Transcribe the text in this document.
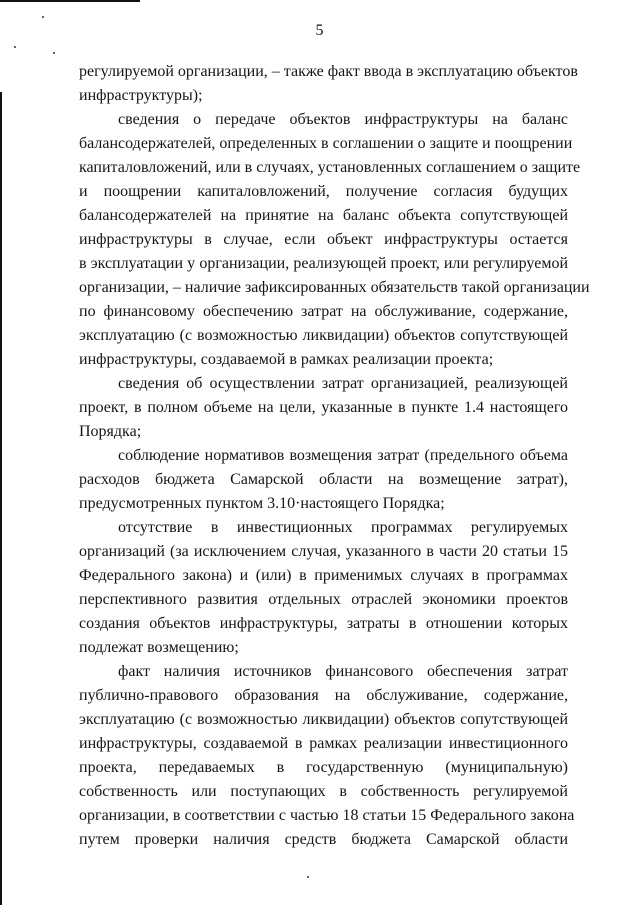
5
регулируемой организации, – также факт ввода в эксплуатацию объектов
инфраструктуры);
сведения о передаче объектов инфраструктуры на баланс
балансодержателей, определенных в соглашении о защите и поощрении
капиталовложений, или в случаях, установленных соглашением о защите
и поощрении капиталовложений, получение согласия будущих
балансодержателей на принятие на баланс объекта сопутствующей
инфраструктуры в случае, если объект инфраструктуры остается
в эксплуатации у организации, реализующей проект, или регулируемой
организации, – наличие зафиксированных обязательств такой организации
по финансовому обеспечению затрат на обслуживание, содержание,
эксплуатацию (с возможностью ликвидации) объектов сопутствующей
инфраструктуры, создаваемой в рамках реализации проекта;
сведения об осуществлении затрат организацией, реализующей
проект, в полном объеме на цели, указанные в пункте 1.4 настоящего
Порядка;
соблюдение нормативов возмещения затрат (предельного объема
расходов бюджета Самарской области на возмещение затрат),
предусмотренных пунктом 3.10·настоящего Порядка;
отсутствие в инвестиционных программах регулируемых
организаций (за исключением случая, указанного в части 20 статьи 15
Федерального закона) и (или) в применимых случаях в программах
перспективного развития отдельных отраслей экономики проектов
создания объектов инфраструктуры, затраты в отношении которых
подлежат возмещению;
факт наличия источников финансового обеспечения затрат
публично-правового образования на обслуживание, содержание,
эксплуатацию (с возможностью ликвидации) объектов сопутствующей
инфраструктуры, создаваемой в рамках реализации инвестиционного
проекта, передаваемых в государственную (муниципальную)
собственность или поступающих в собственность регулируемой
организации, в соответствии с частью 18 статьи 15 Федерального закона
путем проверки наличия средств бюджета Самарской области
